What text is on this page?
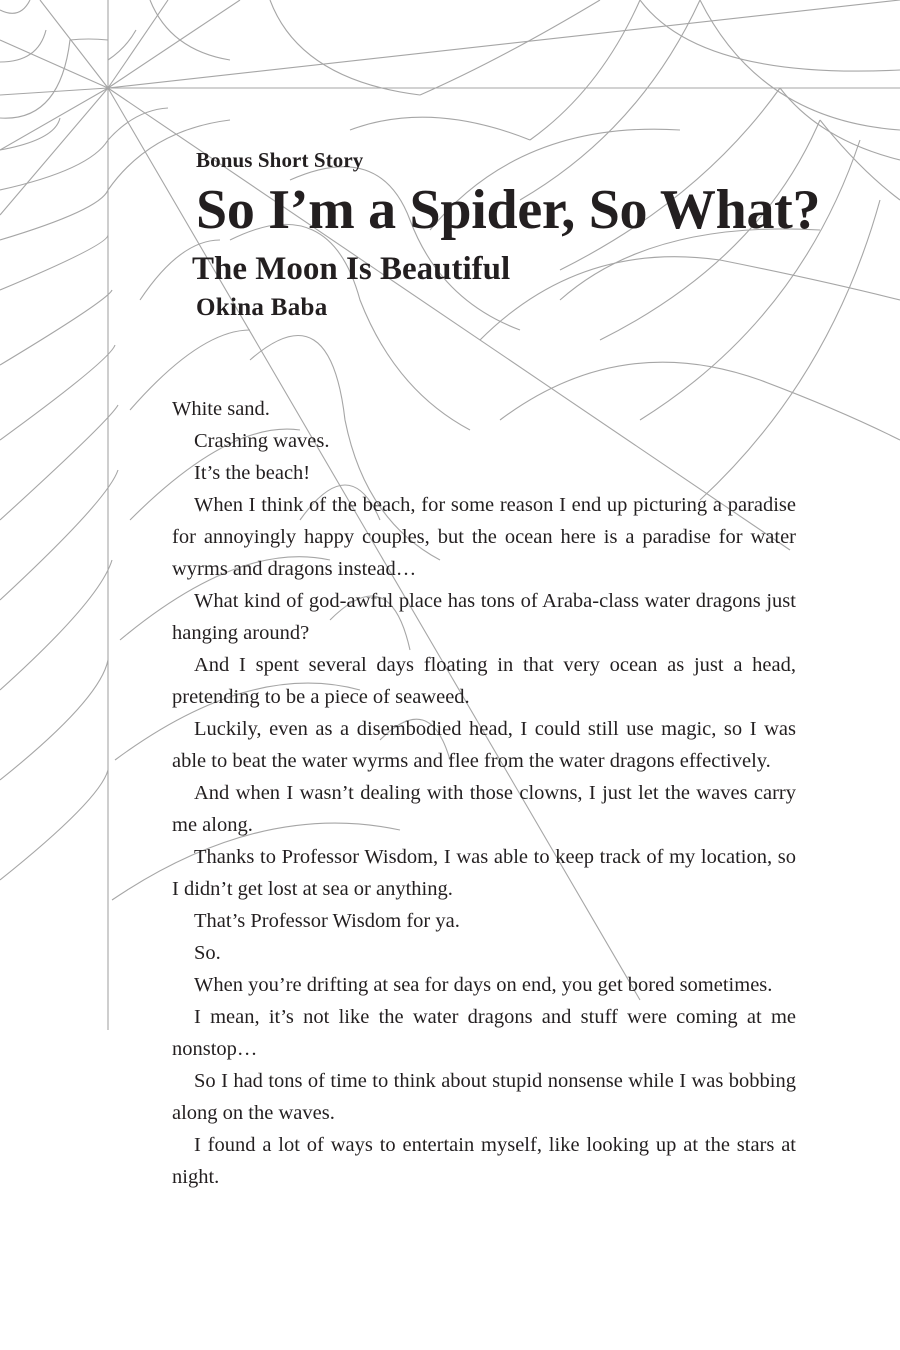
Bonus Short Story
So I’m a Spider, So What?
The Moon Is Beautiful
Okina Baba

White sand.

Crashing waves.

It’s the beach!

When I think of the beach, for some reason I end up picturing a paradise for annoyingly happy couples, but the ocean here is a paradise for water wyrms and dragons instead…

What kind of god-awful place has tons of Araba-class water dragons just hanging around?

And I spent several days floating in that very ocean as just a head, pretending to be a piece of seaweed.

Luckily, even as a disembodied head, I could still use magic, so I was able to beat the water wyrms and flee from the water dragons effectively.

And when I wasn’t dealing with those clowns, I just let the waves carry me along.

Thanks to Professor Wisdom, I was able to keep track of my location, so I didn’t get lost at sea or anything.

That’s Professor Wisdom for ya.

So.

When you’re drifting at sea for days on end, you get bored sometimes.

I mean, it’s not like the water dragons and stuff were coming at me nonstop…

So I had tons of time to think about stupid nonsense while I was bobbing along on the waves.

I found a lot of ways to entertain myself, like looking up at the stars at night.
